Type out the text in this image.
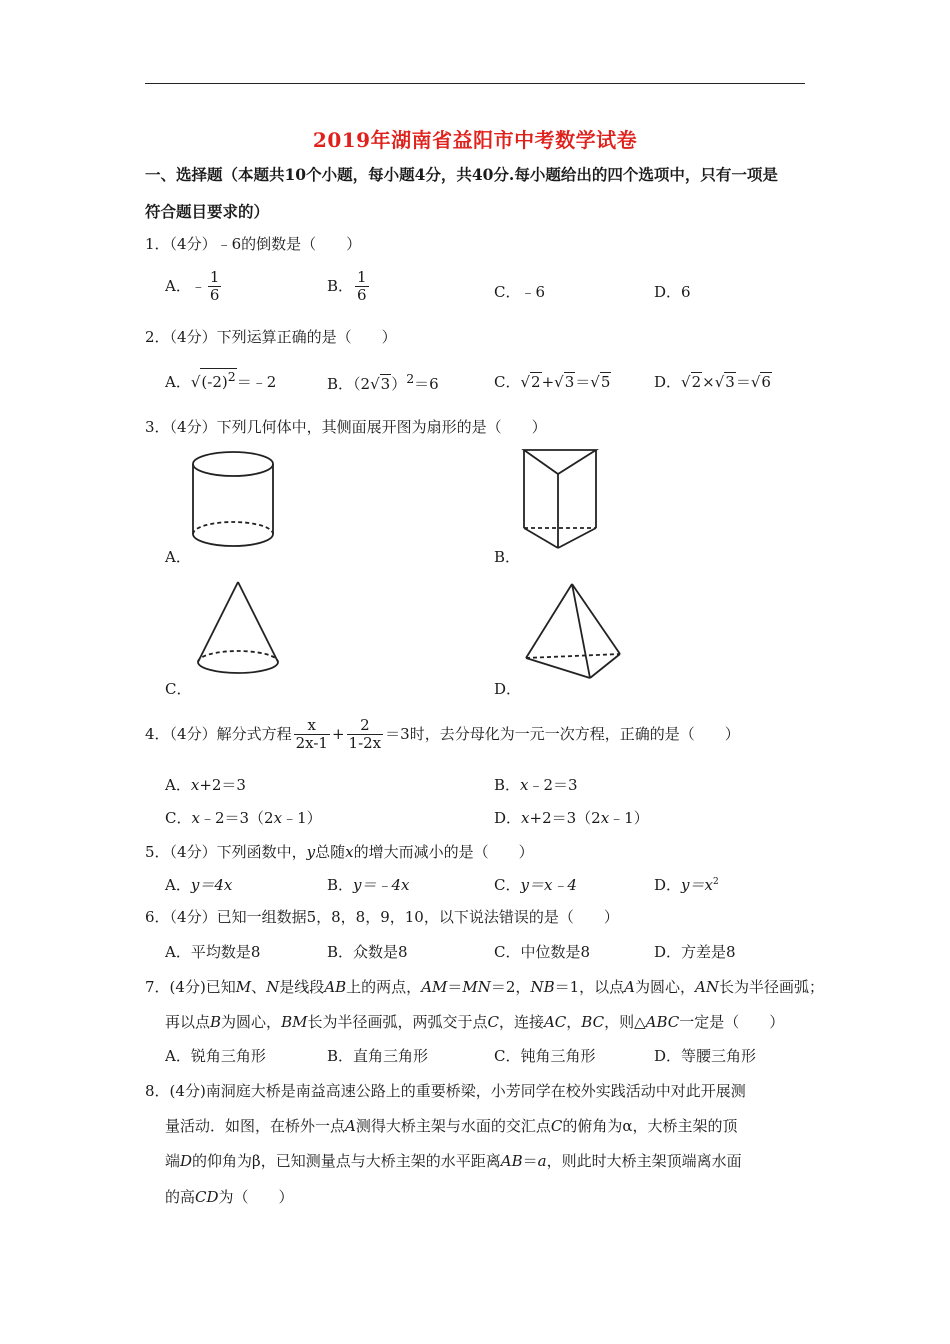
2019年湖南省益阳市中考数学试卷
一、选择题（本题共10个小题，每小题4分，共40分.每小题给出的四个选项中，只有一项是
符合题目要求的）
1．（4分）﹣6的倒数是（　　）
A．﹣ $\frac{1}{6}$	B． $\frac{1}{6}$	C．﹣6	D．6
2．（4分）下列运算正确的是（　　）
A．$√(-2)^2=﹣2$	B．$(2√3)^2=6$	C．√2+√3＝√5	D．√2×√3＝√6
3．（4分）下列几何体中，其侧面展开图为扇形的是（　　）
A．	B．
C．	D．
4．（4分）解分式方程 $\frac{x}{2x-1} + \frac{2}{1-2x} =3$时，去分母化为一元一次方程，正确的是（　　）
A．x+2＝3	B．x﹣2＝3
C．x﹣2＝3（2x﹣1）	D．x+2＝3（2x﹣1）
5．（4分）下列函数中，y总随x的增大而减小的是（　　）
A．y＝4x	B．y＝﹣4x	C．y＝x﹣4	D．$y=x^2$
6．（4分）已知一组数据5，8，8，9，10，以下说法错误的是（　　）
A．平均数是8	B．众数是8	C．中位数是8	D．方差是8
7．(4分)已知M、N是线段AB上的两点，AM＝MN＝2，NB＝1，以点A为圆心，AN长为半径画弧；
再以点B为圆心，BM长为半径画弧，两弧交于点C，连接AC，BC，则△ABC一定是（　　）
A．锐角三角形	B．直角三角形	C．钝角三角形	D．等腰三角形
8．(4分)南洞庭大桥是南益高速公路上的重要桥梁，小芳同学在校外实践活动中对此开展测
量活动．如图，在桥外一点A测得大桥主架与水面的交汇点C的俯角为α，大桥主架的顶
端D的仰角为β，已知测量点与大桥主架的水平距离AB＝a，则此时大桥主架顶端离水面
的高CD为（　　）
